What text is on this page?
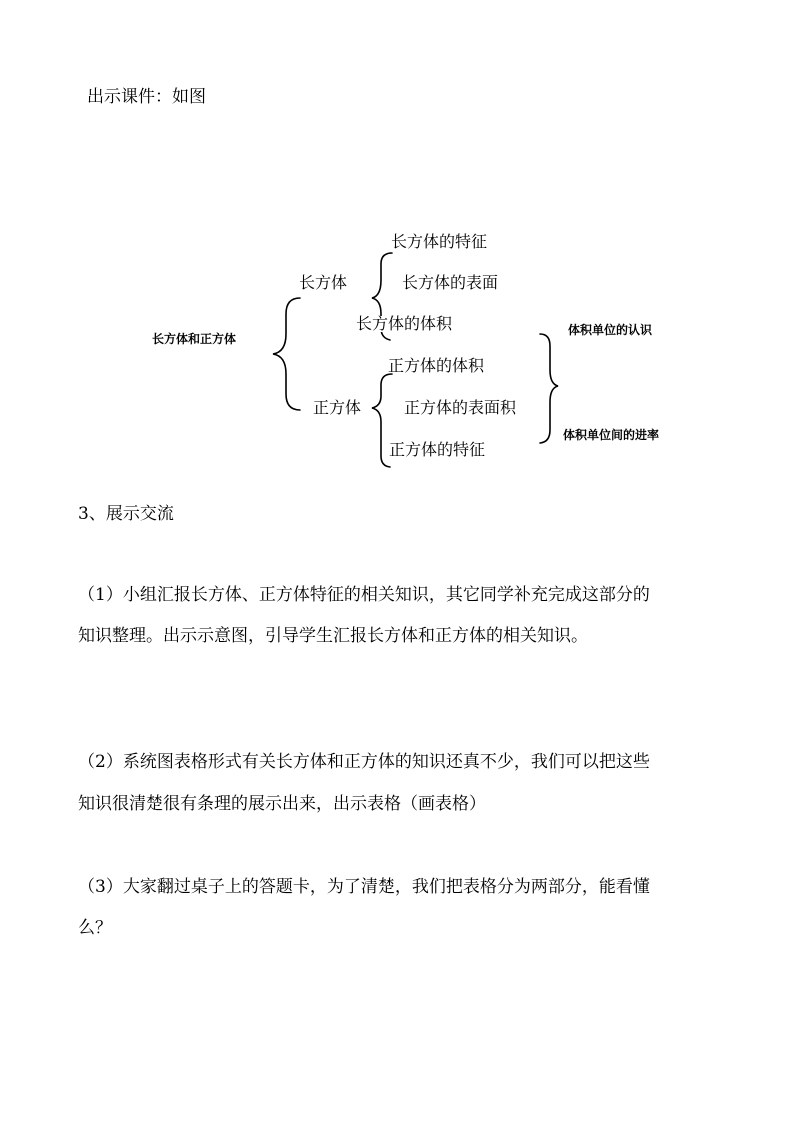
出示课件：如图
长方体和正方体
长方体
长方体的特征
长方体的表面
长方体的体积
正方体
正方体的体积
正方体的表面积
正方体的特征
体积单位的认识
体积单位间的进率
3、展示交流
（1）小组汇报长方体、正方体特征的相关知识，其它同学补充完成这部分的
知识整理。出示示意图，引导学生汇报长方体和正方体的相关知识。
（2）系统图表格形式有关长方体和正方体的知识还真不少，我们可以把这些
知识很清楚很有条理的展示出来，出示表格（画表格）
（3）大家翻过桌子上的答题卡，为了清楚，我们把表格分为两部分，能看懂
么？
